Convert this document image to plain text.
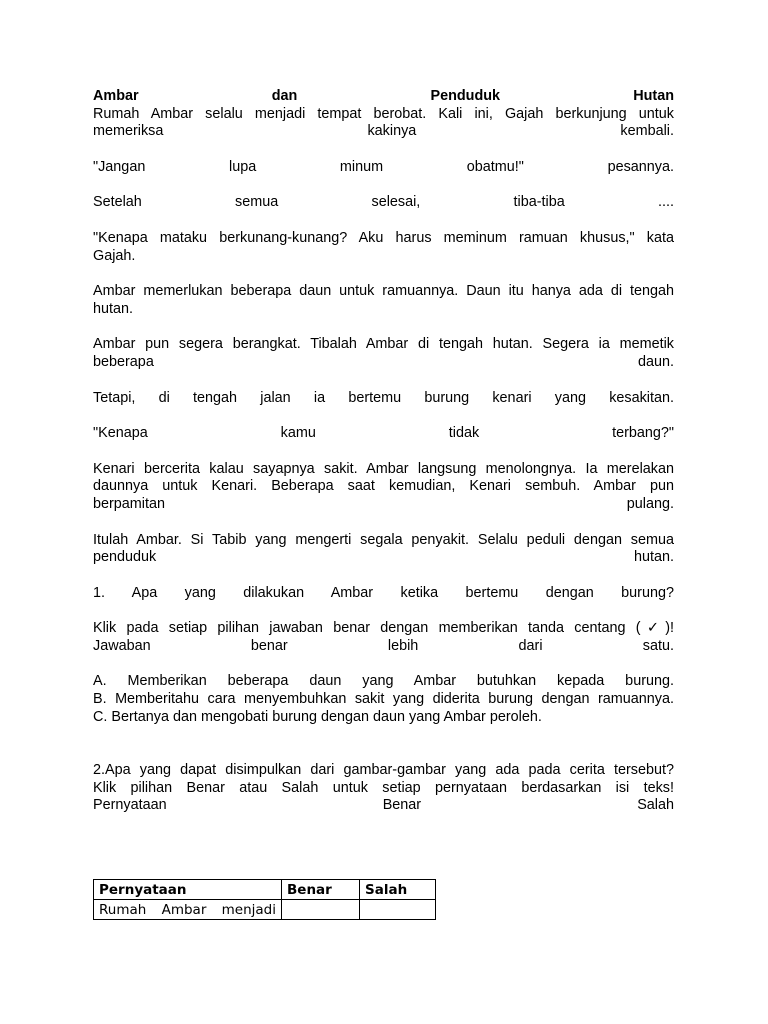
Ambar	dan	Penduduk	Hutan
Rumah Ambar selalu menjadi tempat berobat. Kali ini, Gajah berkunjung untuk
memeriksa kakinya kembali.
"Jangan lupa minum obatmu!" pesannya.
Setelah semua selesai, tiba-tiba ....
"Kenapa mataku berkunang-kunang? Aku harus meminum ramuan khusus," kata
Gajah.
Ambar memerlukan beberapa daun untuk ramuannya. Daun itu hanya ada di tengah
hutan.
Ambar pun segera berangkat. Tibalah Ambar di tengah hutan. Segera ia memetik
beberapa daun.
Tetapi, di tengah jalan ia bertemu burung kenari yang kesakitan.
"Kenapa kamu tidak terbang?"
Kenari bercerita kalau sayapnya sakit. Ambar langsung menolongnya. Ia merelakan
daunnya untuk Kenari. Beberapa saat kemudian, Kenari sembuh. Ambar pun
berpamitan pulang.
Itulah Ambar. Si Tabib yang mengerti segala penyakit. Selalu peduli dengan semua
penduduk hutan.
1. Apa yang dilakukan Ambar ketika bertemu dengan burung?
Klik pada setiap pilihan jawaban benar dengan memberikan tanda centang (✓)!
Jawaban benar lebih dari satu.
A. Memberikan beberapa daun yang Ambar butuhkan kepada burung.
B. Memberitahu cara menyembuhkan sakit yang diderita burung dengan ramuannya.
C. Bertanya dan mengobati burung dengan daun yang Ambar peroleh.
2.Apa yang dapat disimpulkan dari gambar-gambar yang ada pada cerita tersebut?
Klik pilihan Benar atau Salah untuk setiap pernyataan berdasarkan isi teks!
Pernyataan Benar Salah
Pernyataan	Benar	Salah

Rumah Ambar menjadi		
